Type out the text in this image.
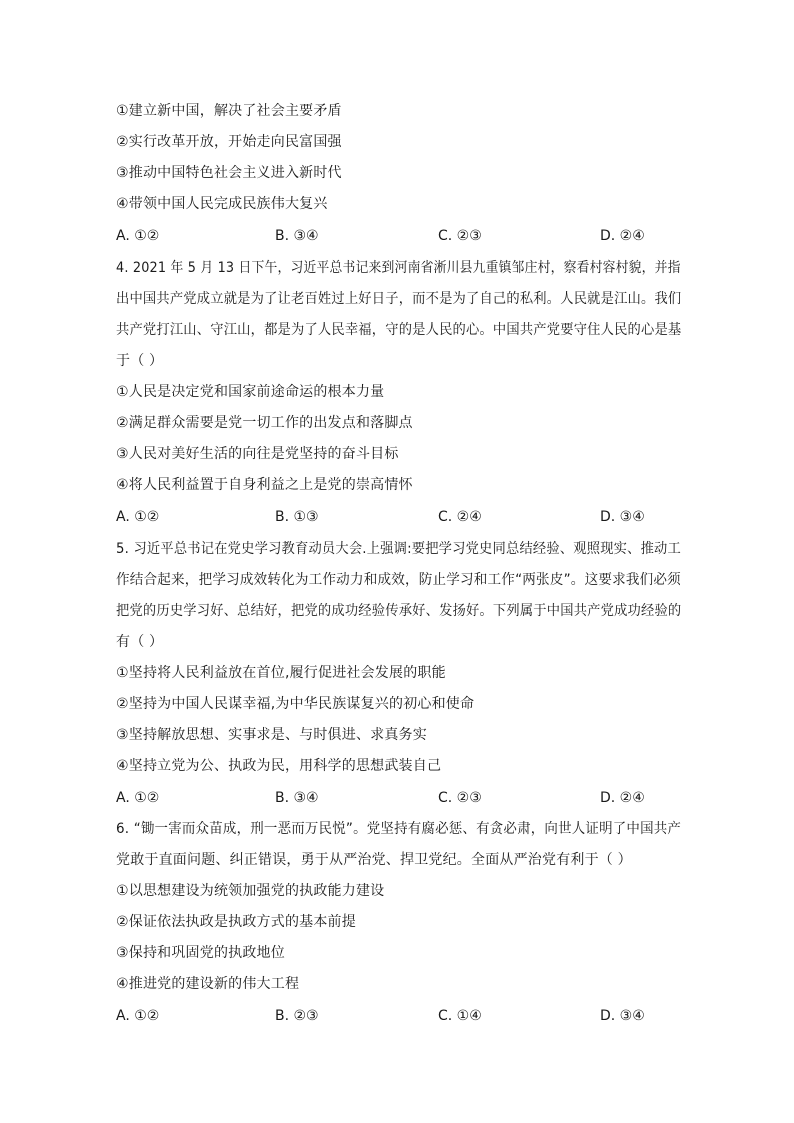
①建立新中国，解决了社会主要矛盾
②实行改革开放，开始走向民富国强
③推动中国特色社会主义进入新时代
④带领中国人民完成民族伟大复兴
A. ①②	B. ③④	C. ②③	D. ②④
4. 2021 年 5 月 13 日下午，习近平总书记来到河南省淅川县九重镇邹庄村，察看村容村貌，并指
出中国共产党成立就是为了让老百姓过上好日子，而不是为了自己的私利。人民就是江山。我们
共产党打江山、守江山，都是为了人民幸福，守的是人民的心。中国共产党要守住人民的心是基
于（ ）
①人民是决定党和国家前途命运的根本力量
②满足群众需要是党一切工作的出发点和落脚点
③人民对美好生活的向往是党坚持的奋斗目标
④将人民利益置于自身利益之上是党的崇高情怀
A. ①②	B. ①③	C. ②④	D. ③④
5. 习近平总书记在党史学习教育动员大会.上强调:要把学习党史同总结经验、观照现实、推动工
作结合起来，把学习成效转化为工作动力和成效，防止学习和工作“两张皮”。这要求我们必须
把党的历史学习好、总结好，把党的成功经验传承好、发扬好。下列属于中国共产党成功经验的
有（ ）
①坚持将人民利益放在首位,履行促进社会发展的职能
②坚持为中国人民谋幸福,为中华民族谋复兴的初心和使命
③坚持解放思想、实事求是、与时俱进、求真务实
④坚持立党为公、执政为民，用科学的思想武装自己
A. ①②	B. ③④	C. ②③	D. ②④
6. “锄一害而众苗成，刑一恶而万民悦”。党坚持有腐必惩、有贪必肃，向世人证明了中国共产
党敢于直面问题、纠正错误，勇于从严治党、捍卫党纪。全面从严治党有利于（ ）
①以思想建设为统领加强党的执政能力建设
②保证依法执政是执政方式的基本前提
③保持和巩固党的执政地位
④推进党的建设新的伟大工程
A. ①②	B. ②③	C. ①④	D. ③④
